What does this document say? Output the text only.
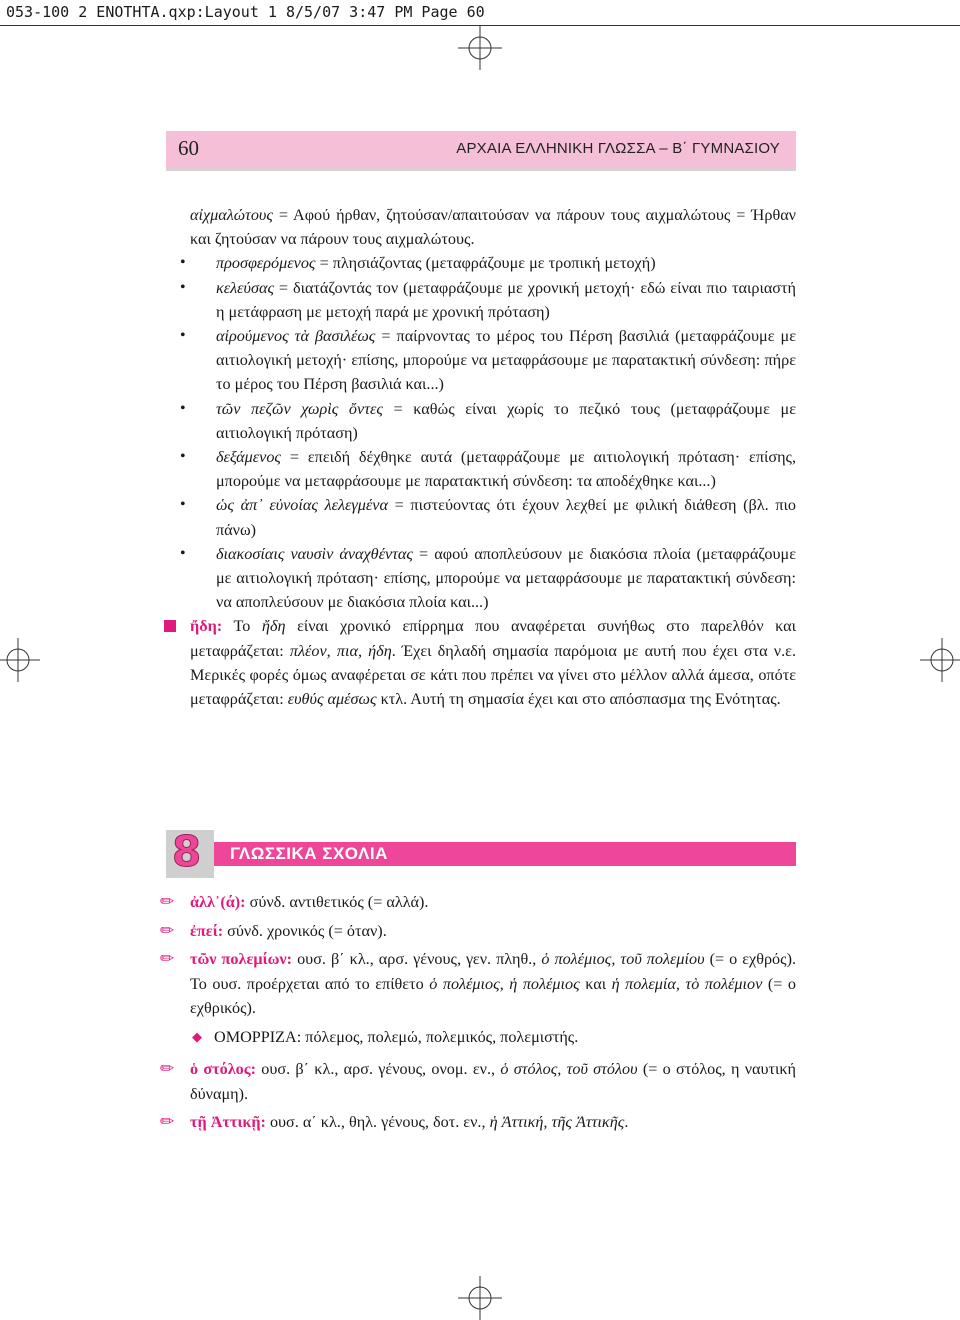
053-100 2 ΕΝΟΤΗΤΑ.qxp:Layout 1 8/5/07 3:47 PM Page 60
60	ΑΡΧΑΙΑ ΕΛΛΗΝΙΚΗ ΓΛΩΣΣΑ – Β΄ ΓΥΜΝΑΣΙΟΥ

αἰχμαλώτους = Αφού ήρθαν, ζητούσαν/απαιτούσαν να πάρουν τους αιχμαλώτους = Ήρθαν και ζητούσαν να πάρουν τους αιχμαλώτους.

• προσφερόμενος = πλησιάζοντας (μεταφράζουμε με τροπική μετοχή)

• κελεύσας = διατάζοντάς τον (μεταφράζουμε με χρονική μετοχή· εδώ είναι πιο ταιριαστή η μετάφραση με μετοχή παρά με χρονική πρόταση)

• αἱρούμενος τὰ βασιλέως = παίρνοντας το μέρος του Πέρση βασιλιά (μεταφράζουμε με αιτιολογική μετοχή· επίσης, μπορούμε να μεταφράσουμε με παρατακτική σύνδεση: πήρε το μέρος του Πέρση βασιλιά και...)

• τῶν πεζῶν χωρὶς ὄντες = καθώς είναι χωρίς το πεζικό τους (μεταφράζουμε με αιτιολογική πρόταση)

• δεξάμενος = επειδή δέχθηκε αυτά (μεταφράζουμε με αιτιολογική πρόταση· επίσης, μπορούμε να μεταφράσουμε με παρατακτική σύνδεση: τα αποδέχθηκε και...)

• ὡς ἀπ᾽ εὐνοίας λελεγμένα = πιστεύοντας ότι έχουν λεχθεί με φιλική διάθεση (βλ. πιο πάνω)

• διακοσίαις ναυσὶν ἀναχθέντας = αφού αποπλεύσουν με διακόσια πλοία (μεταφράζουμε με αιτιολογική πρόταση· επίσης, μπορούμε να μεταφράσουμε με παρατακτική σύνδεση: να αποπλεύσουν με διακόσια πλοία και...)

ἤδη: Το ἤδη είναι χρονικό επίρρημα που αναφέρεται συνήθως στο παρελθόν και μεταφράζεται: πλέον, πια, ήδη. Έχει δηλαδή σημασία παρόμοια με αυτή που έχει στα ν.ε. Μερικές φορές όμως αναφέρεται σε κάτι που πρέπει να γίνει στο μέλλον αλλά άμεσα, οπότε μεταφράζεται: ευθύς αμέσως κτλ. Αυτή τη σημασία έχει και στο απόσπασμα της Ενότητας.

8 ΓΛΩΣΣΙΚΑ ΣΧΟΛΙΑ

✏ ἀλλ᾽(ά): σύνδ. αντιθετικός (= αλλά).

✏ ἐπεί: σύνδ. χρονικός (= όταν).

✏ τῶν πολεμίων: ουσ. β΄ κλ., αρσ. γένους, γεν. πληθ., ὁ πολέμιος, τοῦ πολεμίου (= ο εχθρός). Το ουσ. προέρχεται από το επίθετο ὁ πολέμιος, ἡ πολέμιος και ἡ πολεμία, τὸ πολέμιον (= ο εχθρικός).

◆ ΟΜΟΡΡΙΖΑ: πόλεμος, πολεμώ, πολεμικός, πολεμιστής.

✏ ὁ στόλος: ουσ. β΄ κλ., αρσ. γένους, ονομ. εν., ὁ στόλος, τοῦ στόλου (= ο στόλος, η ναυτική δύναμη).

✏ τῇ Ἀττικῇ: ουσ. α΄ κλ., θηλ. γένους, δοτ. εν., ἡ Ἀττική, τῆς Ἀττικῆς.
